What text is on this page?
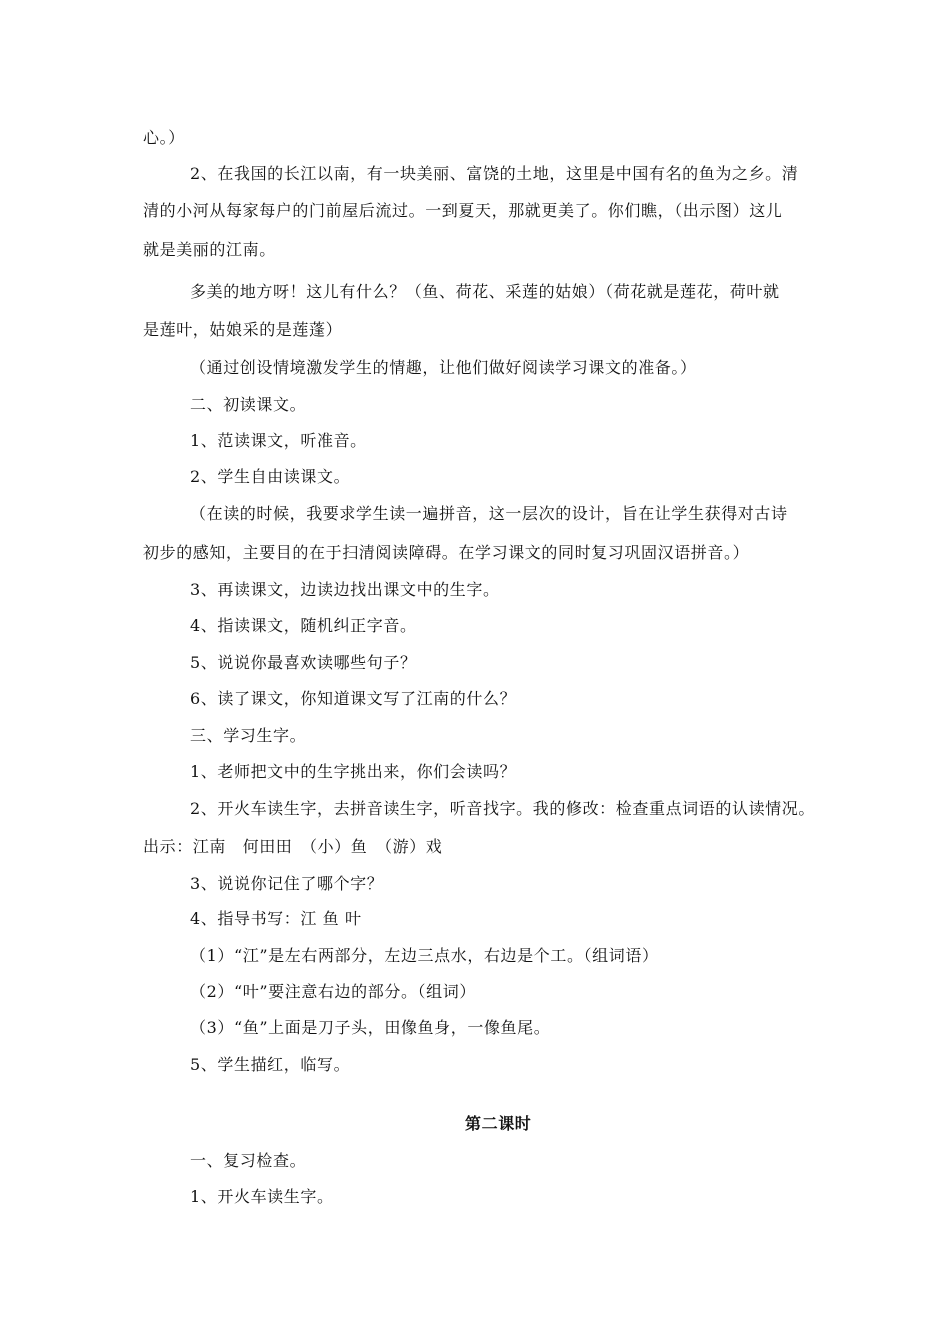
心。）
2、在我国的长江以南，有一块美丽、富饶的土地，这里是中国有名的鱼为之乡。清
清的小河从每家每户的门前屋后流过。一到夏天，那就更美了。你们瞧，（出示图）这儿
就是美丽的江南。
多美的地方呀！这儿有什么？（鱼、荷花、采莲的姑娘）（荷花就是莲花，荷叶就
是莲叶，姑娘采的是莲蓬）
（通过创设情境激发学生的情趣，让他们做好阅读学习课文的准备。）
二、初读课文。
1、范读课文，听准音。
2、学生自由读课文。
（在读的时候，我要求学生读一遍拼音，这一层次的设计，旨在让学生获得对古诗
初步的感知，主要目的在于扫清阅读障碍。在学习课文的同时复习巩固汉语拼音。）
3、再读课文，边读边找出课文中的生字。
4、指读课文，随机纠正字音。
5、说说你最喜欢读哪些句子？
6、读了课文，你知道课文写了江南的什么？
三、学习生字。
1、老师把文中的生字挑出来，你们会读吗？
2、开火车读生字，去拼音读生字，听音找字。我的修改：检查重点词语的认读情况。
出示：江南　何田田　（小）鱼　（游）戏
3、说说你记住了哪个字？
4、指导书写：江 鱼 叶
（1）“江”是左右两部分，左边三点水，右边是个工。（组词语）
（2）“叶”要注意右边的部分。（组词）
（3）“鱼”上面是刀子头，田像鱼身，一像鱼尾。
5、学生描红，临写。
第二课时
一、复习检查。
1、开火车读生字。
